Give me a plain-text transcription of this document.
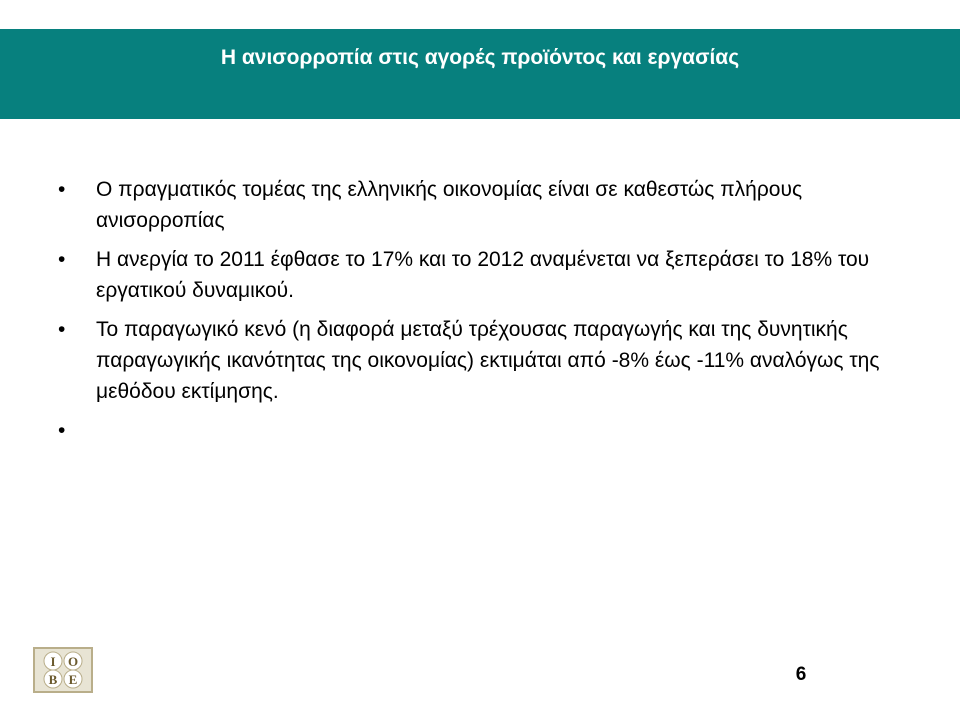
Η ανισορροπία στις αγορές προϊόντος και εργασίας
•	Ο πραγματικός τομέας της ελληνικής οικονομίας είναι σε καθεστώς πλήρους ανισορροπίας
•	Η ανεργία το 2011 έφθασε το 17% και το 2012 αναμένεται να ξεπεράσει το 18% του εργατικού δυναμικού.
•	Το παραγωγικό κενό (η διαφορά μεταξύ τρέχουσας παραγωγής και της δυνητικής παραγωγικής ικανότητας της οικονομίας) εκτιμάται από -8% έως -11% αναλόγως της μεθόδου εκτίμησης.
•
Ι Ο
Β Ε	6
